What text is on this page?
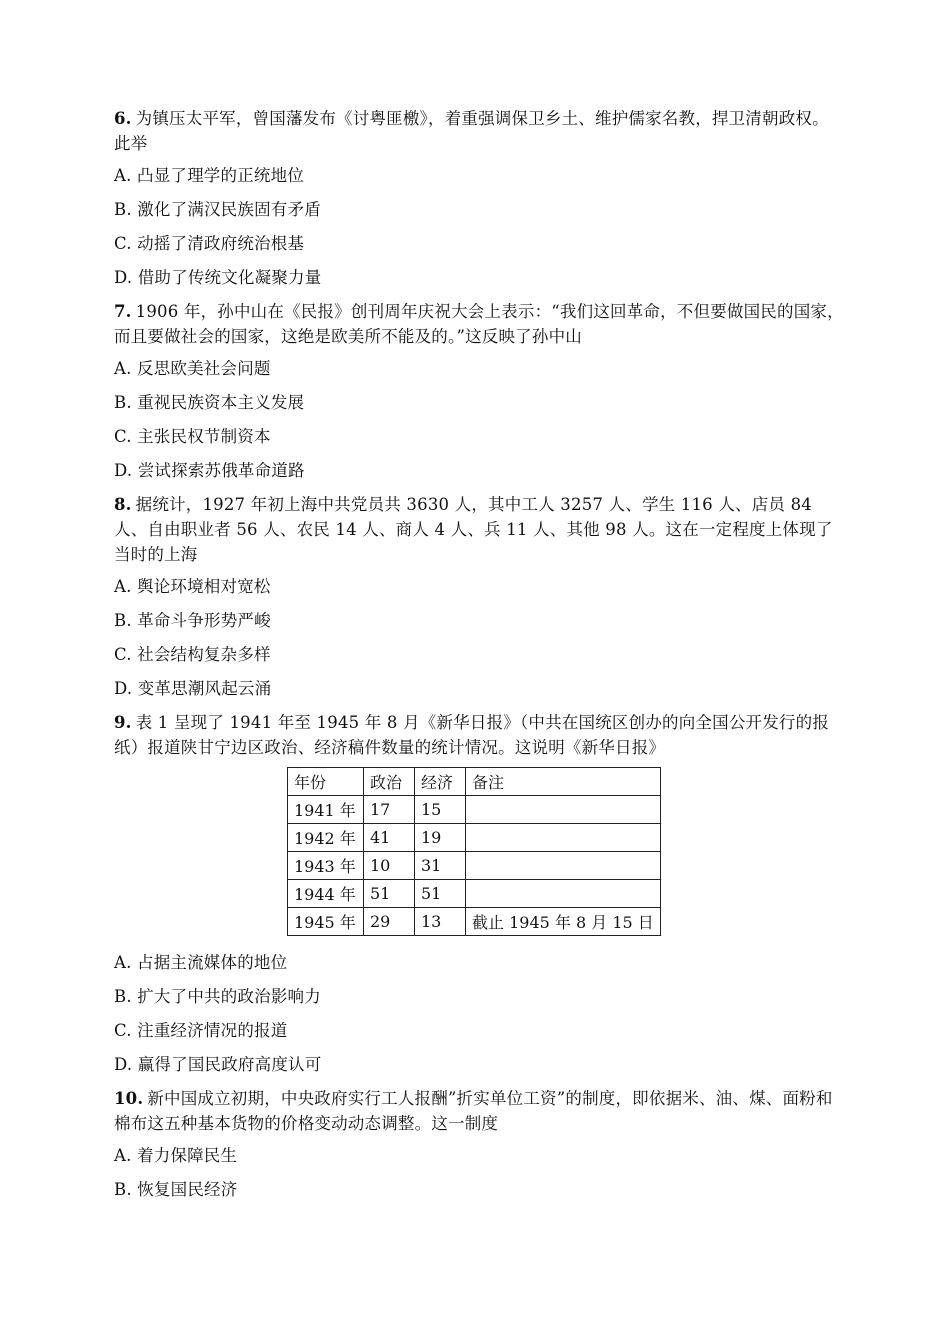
6. 为镇压太平军，曾国藩发布《讨粤匪檄》，着重强调保卫乡土、维护儒家名教，捍卫清朝政权。此举

A. 凸显了理学的正统地位

B. 激化了满汉民族固有矛盾

C. 动摇了清政府统治根基

D. 借助了传统文化凝聚力量

7. 1906 年，孙中山在《民报》创刊周年庆祝大会上表示：“我们这回革命，不但要做国民的国家，而且要做社会的国家，这绝是欧美所不能及的。”这反映了孙中山

A. 反思欧美社会问题

B. 重视民族资本主义发展

C. 主张民权节制资本

D. 尝试探索苏俄革命道路

8. 据统计，1927 年初上海中共党员共 3630 人，其中工人 3257 人、学生 116 人、店员 84 人、自由职业者 56 人、农民 14 人、商人 4 人、兵 11 人、其他 98 人。这在一定程度上体现了当时的上海

A. 舆论环境相对宽松

B. 革命斗争形势严峻

C. 社会结构复杂多样

D. 变革思潮风起云涌

9. 表 1 呈现了 1941 年至 1945 年 8 月《新华日报》（中共在国统区创办的向全国公开发行的报纸）报道陕甘宁边区政治、经济稿件数量的统计情况。这说明《新华日报》

年份	政治	经济	备注
1941 年	17	15	
1942 年	41	19	
1943 年	10	31	
1944 年	51	51	
1945 年	29	13	截止 1945 年 8 月 15 日

A. 占据主流媒体的地位

B. 扩大了中共的政治影响力

C. 注重经济情况的报道

D. 赢得了国民政府高度认可

10. 新中国成立初期，中央政府实行工人报酬”折实单位工资”的制度，即依据米、油、煤、面粉和棉布这五种基本货物的价格变动动态调整。这一制度

A. 着力保障民生

B. 恢复国民经济
